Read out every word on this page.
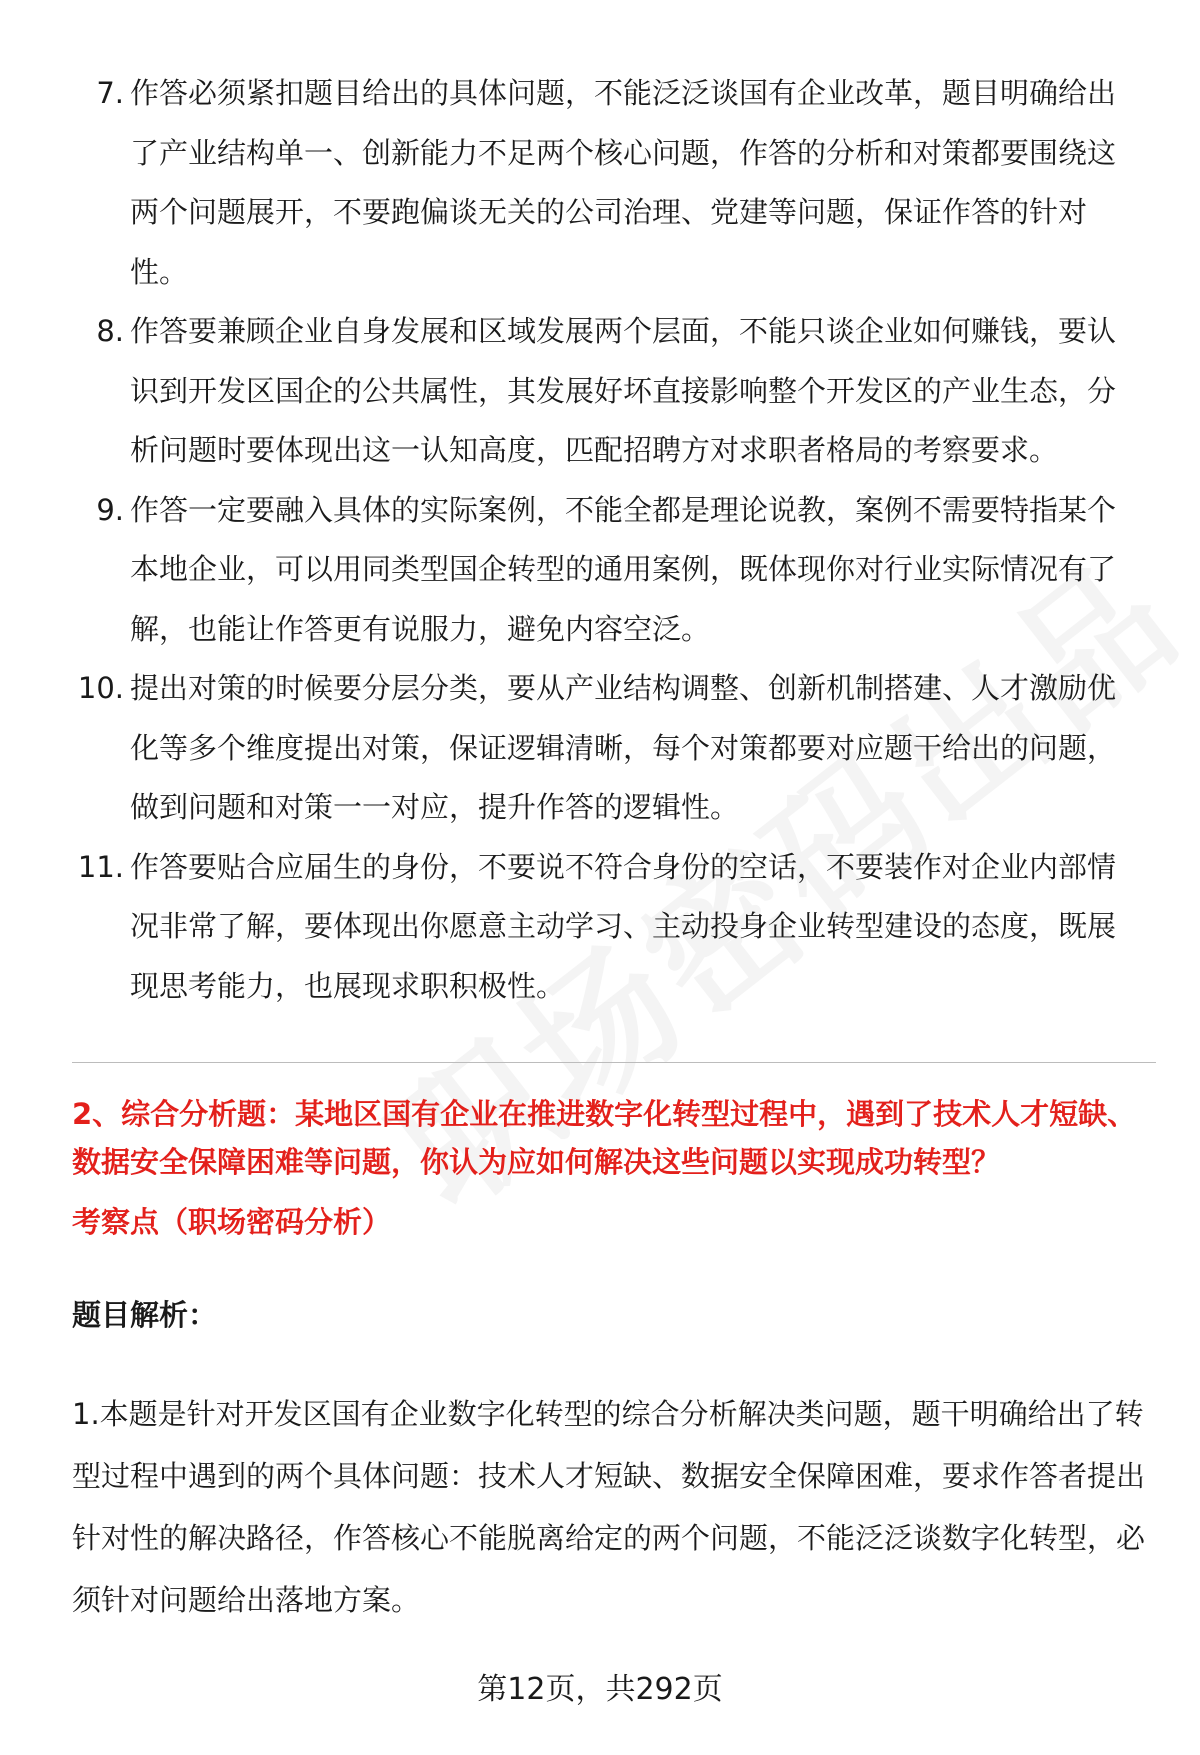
7. 作答必须紧扣题目给出的具体问题，不能泛泛谈国有企业改革，题目明确给出了产业结构单一、创新能力不足两个核心问题，作答的分析和对策都要围绕这两个问题展开，不要跑偏谈无关的公司治理、党建等问题，保证作答的针对性。
8. 作答要兼顾企业自身发展和区域发展两个层面，不能只谈企业如何赚钱，要认识到开发区国企的公共属性，其发展好坏直接影响整个开发区的产业生态，分析问题时要体现出这一认知高度，匹配招聘方对求职者格局的考察要求。
9. 作答一定要融入具体的实际案例，不能全都是理论说教，案例不需要特指某个本地企业，可以用同类型国企转型的通用案例，既体现你对行业实际情况有了解，也能让作答更有说服力，避免内容空泛。
10. 提出对策的时候要分层分类，要从产业结构调整、创新机制搭建、人才激励优化等多个维度提出对策，保证逻辑清晰，每个对策都要对应题干给出的问题，做到问题和对策一一对应，提升作答的逻辑性。
11. 作答要贴合应届生的身份，不要说不符合身份的空话，不要装作对企业内部情况非常了解，要体现出你愿意主动学习、主动投身企业转型建设的态度，既展现思考能力，也展现求职积极性。
2、综合分析题：某地区国有企业在推进数字化转型过程中，遇到了技术人才短缺、数据安全保障困难等问题，你认为应如何解决这些问题以实现成功转型？
考察点（职场密码分析）
题目解析：
1.本题是针对开发区国有企业数字化转型的综合分析解决类问题，题干明确给出了转型过程中遇到的两个具体问题：技术人才短缺、数据安全保障困难，要求作答者提出针对性的解决路径，作答核心不能脱离给定的两个问题，不能泛泛谈数字化转型，必须针对问题给出落地方案。
第12页，共292页
